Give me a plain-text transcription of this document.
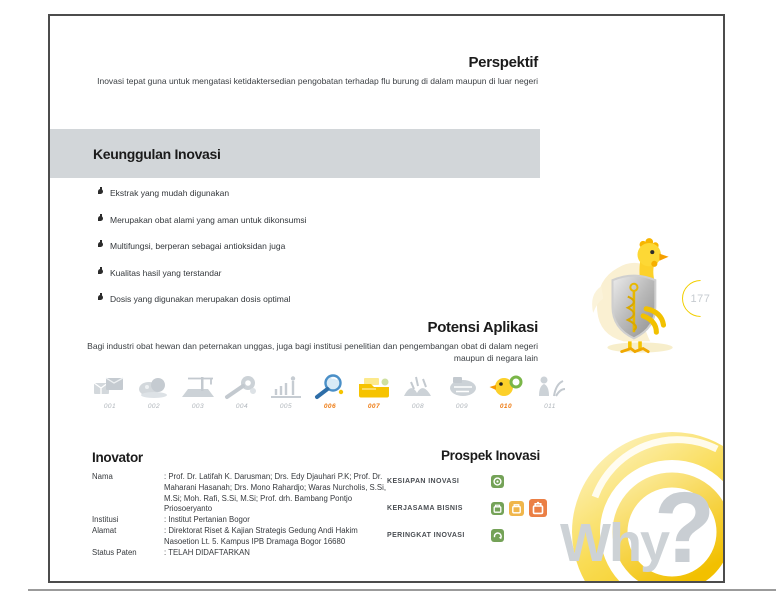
Perspektif

Inovasi tepat guna untuk mengatasi ketidaktersedian pengobatan terhadap flu burung di dalam maupun di luar negeri

Keunggulan Inovasi
Ekstrak yang mudah digunakan
Merupakan obat alami yang aman untuk dikonsumsi
Multifungsi, berperan sebagai antioksidan juga
Kualitas hasil yang terstandar
Dosis yang digunakan merupakan dosis optimal
Potensi Aplikasi

Bagi industri obat hewan dan peternakan unggas, juga bagi institusi penelitian dan pengembangan obat di dalam negeri maupun di negara lain

001	002	003	004	005	006	007	008	009	010	011
177
Why
?
Inovator
Nama	: Prof. Dr. Latifah K. Darusman; Drs. Edy Djauhari P.K; Prof. Dr. Maharani Hasanah; Drs. Mono Rahardjo; Waras Nurcholis, S.Si, M.Si; Moh. Rafi, S.Si, M.Si; Prof. drh. Bambang Pontjo Priosoeryanto
Institusi	: Institut Pertanian Bogor
Alamat	: Direktorat Riset & Kajian Strategis Gedung Andi Hakim Nasoetion Lt. 5. Kampus IPB Dramaga Bogor 16680
Status Paten	: TELAH DIDAFTARKAN
Prospek Inovasi
KESIAPAN INOVASI
KERJASAMA BISNIS
PERINGKAT INOVASI
